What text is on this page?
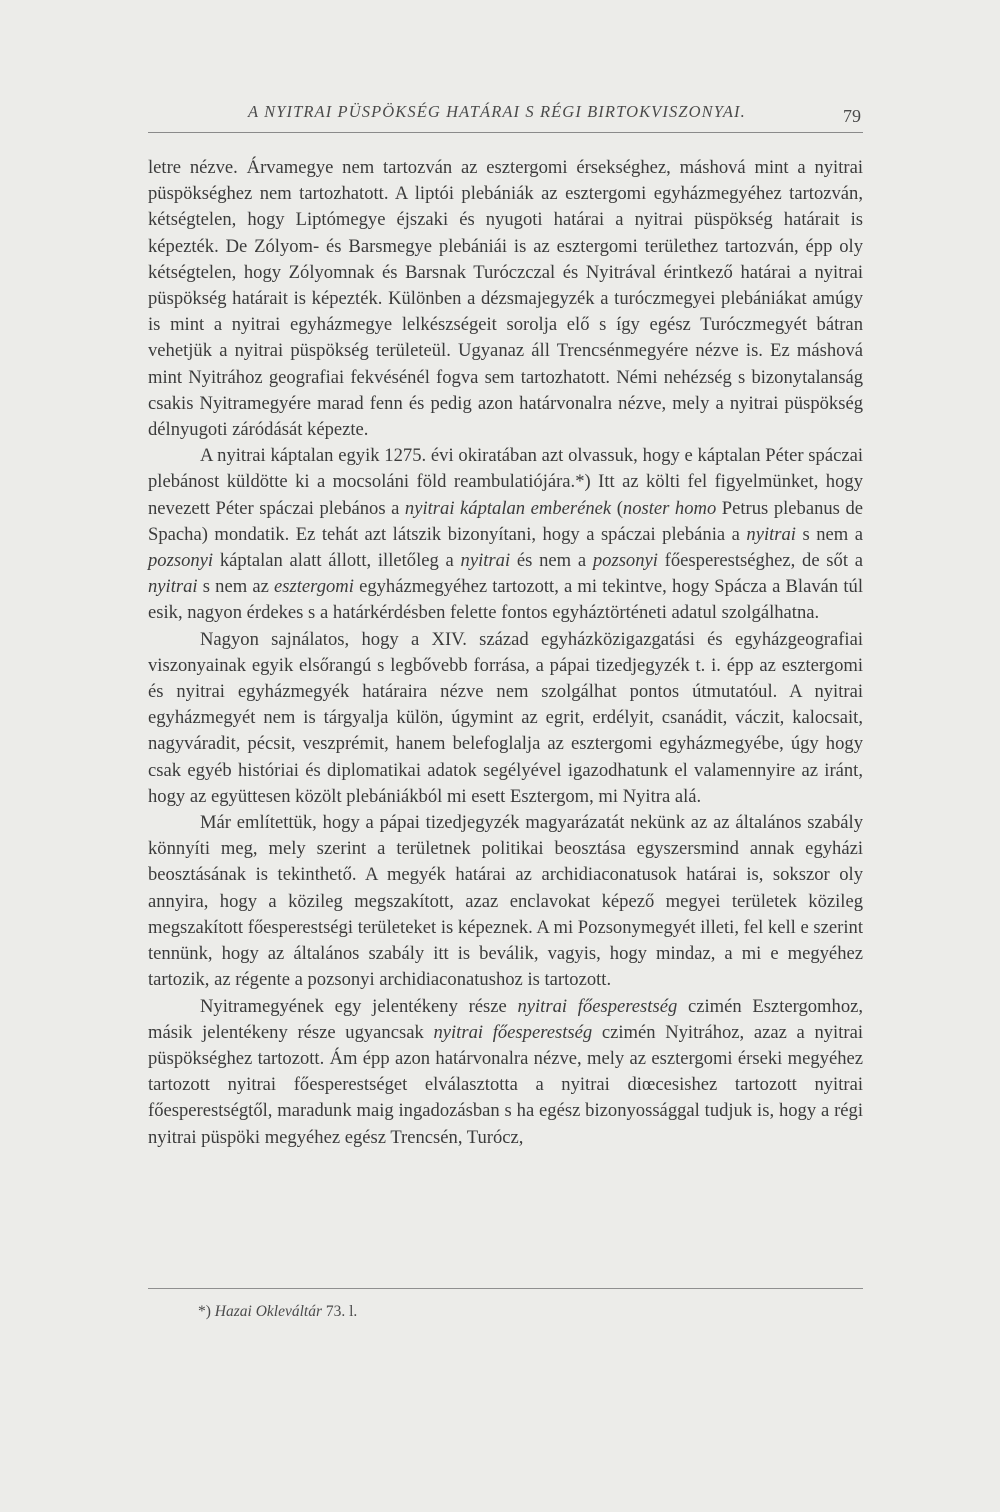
A NYITRAI PÜSPÖKSÉG HATÁRAI S RÉGI BIRTOKVISZONYAI.	79

letre nézve. Árvamegye nem tartozván az esztergomi érsekséghez, máshová mint a nyitrai püspökséghez nem tartozhatott. A liptói plebániák az esztergomi egyházmegyéhez tartozván, kétségtelen, hogy Liptómegye éjszaki és nyugoti határai a nyitrai püspökség határait is képezték. De Zólyom- és Barsmegye plebániái is az esztergomi területhez tartozván, épp oly kétségtelen, hogy Zólyomnak és Barsnak Turóczczal és Nyitrával érintkező határai a nyitrai püspökség határait is képezték. Különben a dézsmajegyzék a turóczmegyei plebániákat amúgy is mint a nyitrai egyházmegye lelkészségeit sorolja elő s így egész Turóczmegyét bátran vehetjük a nyitrai püspökség területeül. Ugyanaz áll Trencsénmegyére nézve is. Ez máshová mint Nyitrához geografiai fekvésénél fogva sem tartozhatott. Némi nehézség s bizonytalanság csakis Nyitramegyére marad fenn és pedig azon határvonalra nézve, mely a nyitrai püspökség délnyugoti záródását képezte.

A nyitrai káptalan egyik 1275. évi okiratában azt olvassuk, hogy e káptalan Péter spáczai plebánost küldötte ki a mocsoláni föld reambulatiójára.*) Itt az költi fel figyelmünket, hogy nevezett Péter spáczai plebános a nyitrai káptalan emberének (noster homo Petrus plebanus de Spacha) mondatik. Ez tehát azt látszik bizonyítani, hogy a spáczai plebánia a nyitrai s nem a pozsonyi káptalan alatt állott, illetőleg a nyitrai és nem a pozsonyi főesperestséghez, de sőt a nyitrai s nem az esztergomi egyházmegyéhez tartozott, a mi tekintve, hogy Spácza a Blaván túl esik, nagyon érdekes s a határkérdésben felette fontos egyháztörténeti adatul szolgálhatna.

Nagyon sajnálatos, hogy a XIV. század egyházközigazgatási és egyházgeografiai viszonyainak egyik elsőrangú s legbővebb forrása, a pápai tizedjegyzék t. i. épp az esztergomi és nyitrai egyházmegyék határaira nézve nem szolgálhat pontos útmutatóul. A nyitrai egyházmegyét nem is tárgyalja külön, úgymint az egrit, erdélyit, csanádit, váczit, kalocsait, nagyváradit, pécsit, veszprémit, hanem belefoglalja az esztergomi egyházmegyébe, úgy hogy csak egyéb históriai és diplomatikai adatok segélyével igazodhatunk el valamennyire az iránt, hogy az együttesen közölt plebániákból mi esett Esztergom, mi Nyitra alá.

Már említettük, hogy a pápai tizedjegyzék magyarázatát nekünk az az általános szabály könnyíti meg, mely szerint a területnek politikai beosztása egyszersmind annak egyházi beosztásának is tekinthető. A megyék határai az archidiaconatusok határai is, sokszor oly annyira, hogy a közileg megszakított, azaz enclavokat képező megyei területek közileg megszakított főesperestségi területeket is képeznek. A mi Pozsonymegyét illeti, fel kell e szerint tennünk, hogy az általános szabály itt is beválik, vagyis, hogy mindaz, a mi e megyéhez tartozik, az régente a pozsonyi archidiaconatushoz is tartozott.

Nyitramegyének egy jelentékeny része nyitrai főesperestség czimén Esztergomhoz, másik jelentékeny része ugyancsak nyitrai főesperestség czimén Nyitrához, azaz a nyitrai püspökséghez tartozott. Ám épp azon határvonalra nézve, mely az esztergomi érseki megyéhez tartozott nyitrai főesperestséget elválasztotta a nyitrai diœcesishez tartozott nyitrai főesperestségtől, maradunk maig ingadozásban s ha egész bizonyossággal tudjuk is, hogy a régi nyitrai püspöki megyéhez egész Trencsén, Turócz,

*) Hazai Okleváltár 73. l.
